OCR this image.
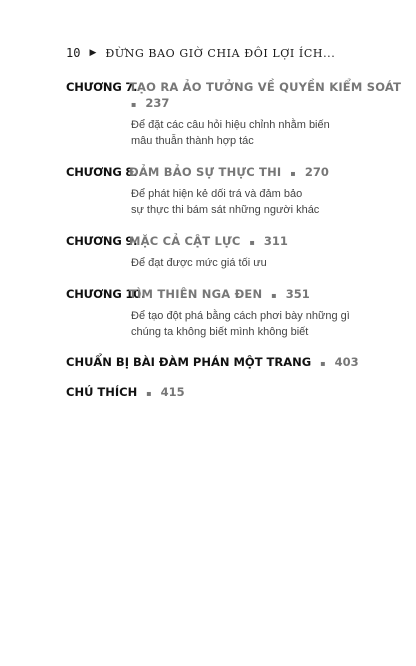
10 ▶ ĐỪNG BAO GIỜ CHIA ĐÔI LỢI ÍCH...
CHƯƠNG 7.
TẠO RA ẢO TƯỞNG VỀ QUYỀN KIỂM SOÁT
▪ 237
Để đặt các câu hỏi hiệu chỉnh nhằm biến
mâu thuẫn thành hợp tác
CHƯƠNG 8.
ĐẢM BẢO SỰ THỰC THI ▪ 270
Để phát hiện kẻ dối trá và đảm bảo
sự thực thi bám sát những người khác
CHƯƠNG 9.
MẶC CẢ CẬT LỰC ▪ 311
Để đạt được mức giá tối ưu
CHƯƠNG 10.
TÌM THIÊN NGA ĐEN ▪ 351
Để tạo đột phá bằng cách phơi bày những gì
chúng ta không biết mình không biết
CHUẨN BỊ BÀI ĐÀM PHÁN MỘT TRANG ▪ 403
CHÚ THÍCH ▪ 415
